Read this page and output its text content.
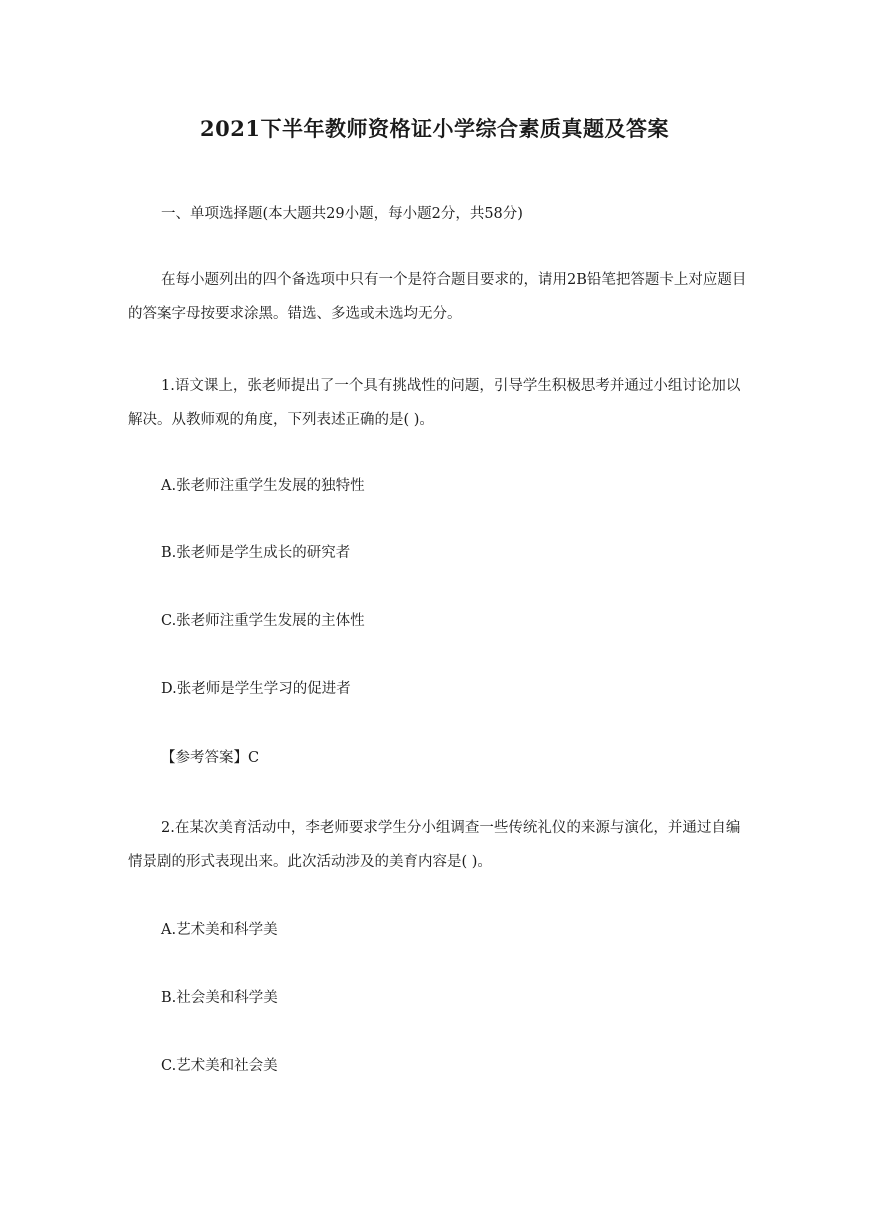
2021下半年教师资格证小学综合素质真题及答案
一、单项选择题(本大题共29小题，每小题2分，共58分)
在每小题列出的四个备选项中只有一个是符合题目要求的，请用2B铅笔把答题卡上对应题目的答案字母按要求涂黑。错选、多选或未选均无分。
1.语文课上，张老师提出了一个具有挑战性的问题，引导学生积极思考并通过小组讨论加以解决。从教师观的角度，下列表述正确的是( )。
A.张老师注重学生发展的独特性
B.张老师是学生成长的研究者
C.张老师注重学生发展的主体性
D.张老师是学生学习的促进者
【参考答案】C
2.在某次美育活动中，李老师要求学生分小组调查一些传统礼仪的来源与演化，并通过自编情景剧的形式表现出来。此次活动涉及的美育内容是( )。
A.艺术美和科学美
B.社会美和科学美
C.艺术美和社会美
